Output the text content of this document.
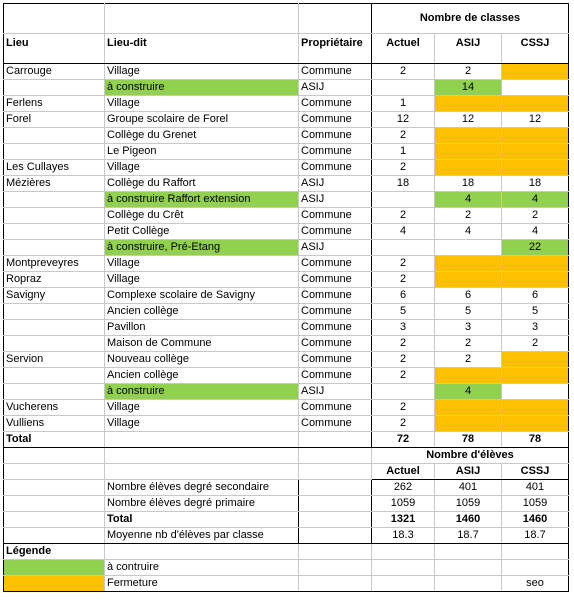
			Nombre de classes		
Lieu	Lieu-dit	Propriétaire	Actuel	ASIJ	CSSJ
Carrouge	Village	Commune	2	2	
	à construire	ASIJ		14	
Ferlens	Village	Commune	1		
Forel	Groupe scolaire de Forel	Commune	12	12	12
	Collège du Grenet	Commune	2		
	Le Pigeon	Commune	1		
Les Cullayes	Village	Commune	2		
Mézières	Collège du Raffort	ASIJ	18	18	18
	à construire Raffort extension	ASIJ		4	4
	Collège du Crêt	Commune	2	2	2
	Petit Collège	Commune	4	4	4
	à construire, Pré-Etang	ASIJ			22
Montpreveyres	Village	Commune	2		
Ropraz	Village	Commune	2		
Savigny	Complexe scolaire de Savigny	Commune	6	6	6
	Ancien collège	Commune	5	5	5
	Pavillon	Commune	3	3	3
	Maison de Commune	Commune	2	2	2
Servion	Nouveau collège	Commune	2	2	
	Ancien collège	Commune	2		
	à construire	ASIJ		4	
Vucherens	Village	Commune	2		
Vulliens	Village	Commune	2		
Total			72	78	78
			Nombre d'élèves		
			Actuel	ASIJ	CSSJ
	Nombre élèves degré secondaire		262	401	401
	Nombre élèves degré primaire		1059	1059	1059
	Total		1321	1460	1460
	Moyenne nb d'élèves par classe		18.3	18.7	18.7
Légende					
	à contruire				
	Fermeture				seo
